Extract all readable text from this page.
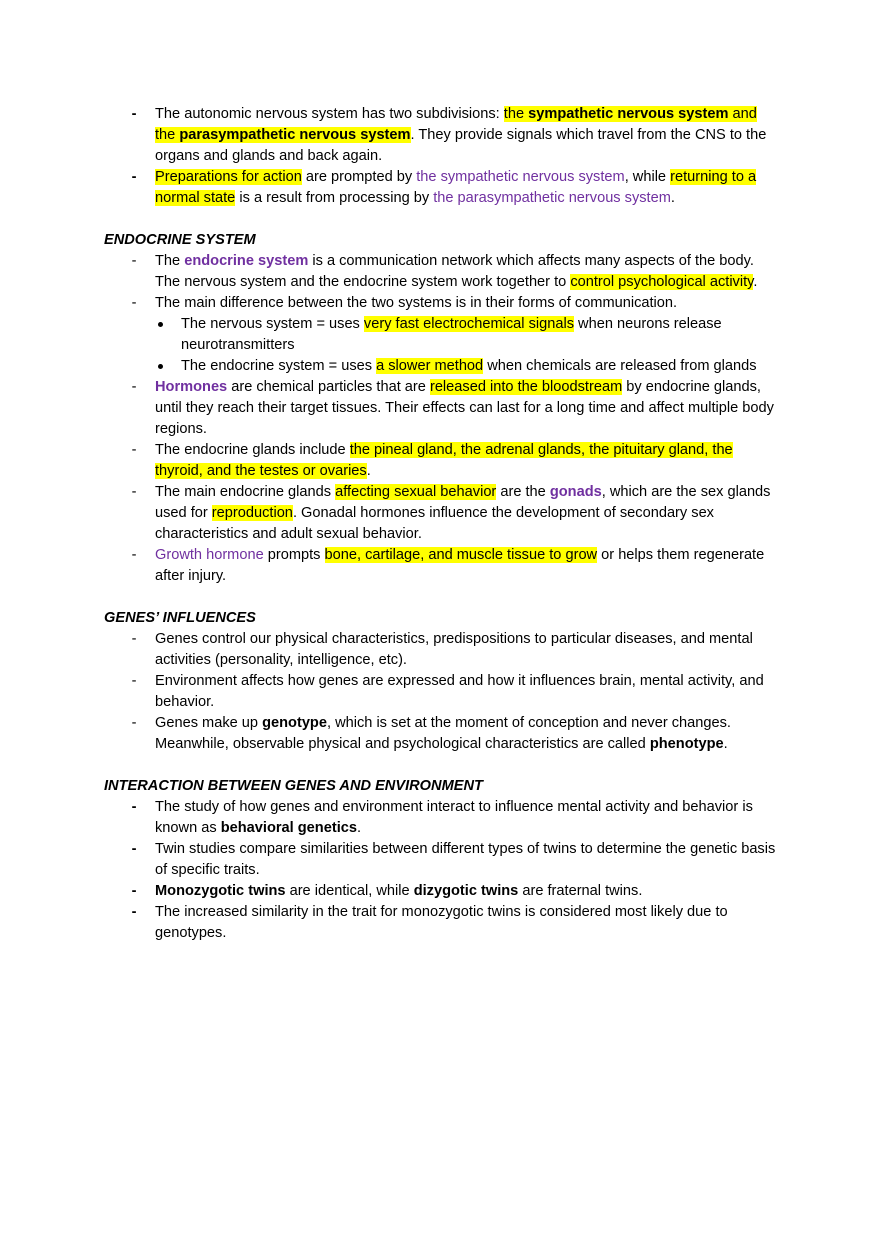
-	The autonomic nervous system has two subdivisions: the sympathetic nervous system and the parasympathetic nervous system. They provide signals which travel from the CNS to the organs and glands and back again.
-	Preparations for action are prompted by the sympathetic nervous system, while returning to a normal state is a result from processing by the parasympathetic nervous system.
ENDOCRINE SYSTEM
-	The endocrine system is a communication network which affects many aspects of the body. The nervous system and the endocrine system work together to control psychological activity.
-	The main difference between the two systems is in their forms of communication.
The nervous system = uses very fast electrochemical signals when neurons release neurotransmitters
The endocrine system = uses a slower method when chemicals are released from glands
-	Hormones are chemical particles that are released into the bloodstream by endocrine glands, until they reach their target tissues. Their effects can last for a long time and affect multiple body regions.
-	The endocrine glands include the pineal gland, the adrenal glands, the pituitary gland, the thyroid, and the testes or ovaries.
-	The main endocrine glands affecting sexual behavior are the gonads, which are the sex glands used for reproduction. Gonadal hormones influence the development of secondary sex characteristics and adult sexual behavior.
-	Growth hormone prompts bone, cartilage, and muscle tissue to grow or helps them regenerate after injury.
GENES’ INFLUENCES
-	Genes control our physical characteristics, predispositions to particular diseases, and mental activities (personality, intelligence, etc).
-	Environment affects how genes are expressed and how it influences brain, mental activity, and behavior.
-	Genes make up genotype, which is set at the moment of conception and never changes. Meanwhile, observable physical and psychological characteristics are called phenotype.
INTERACTION BETWEEN GENES AND ENVIRONMENT
-	The study of how genes and environment interact to influence mental activity and behavior is known as behavioral genetics.
-	Twin studies compare similarities between different types of twins to determine the genetic basis of specific traits.
-	Monozygotic twins are identical, while dizygotic twins are fraternal twins.
-	The increased similarity in the trait for monozygotic twins is considered most likely due to genotypes.
